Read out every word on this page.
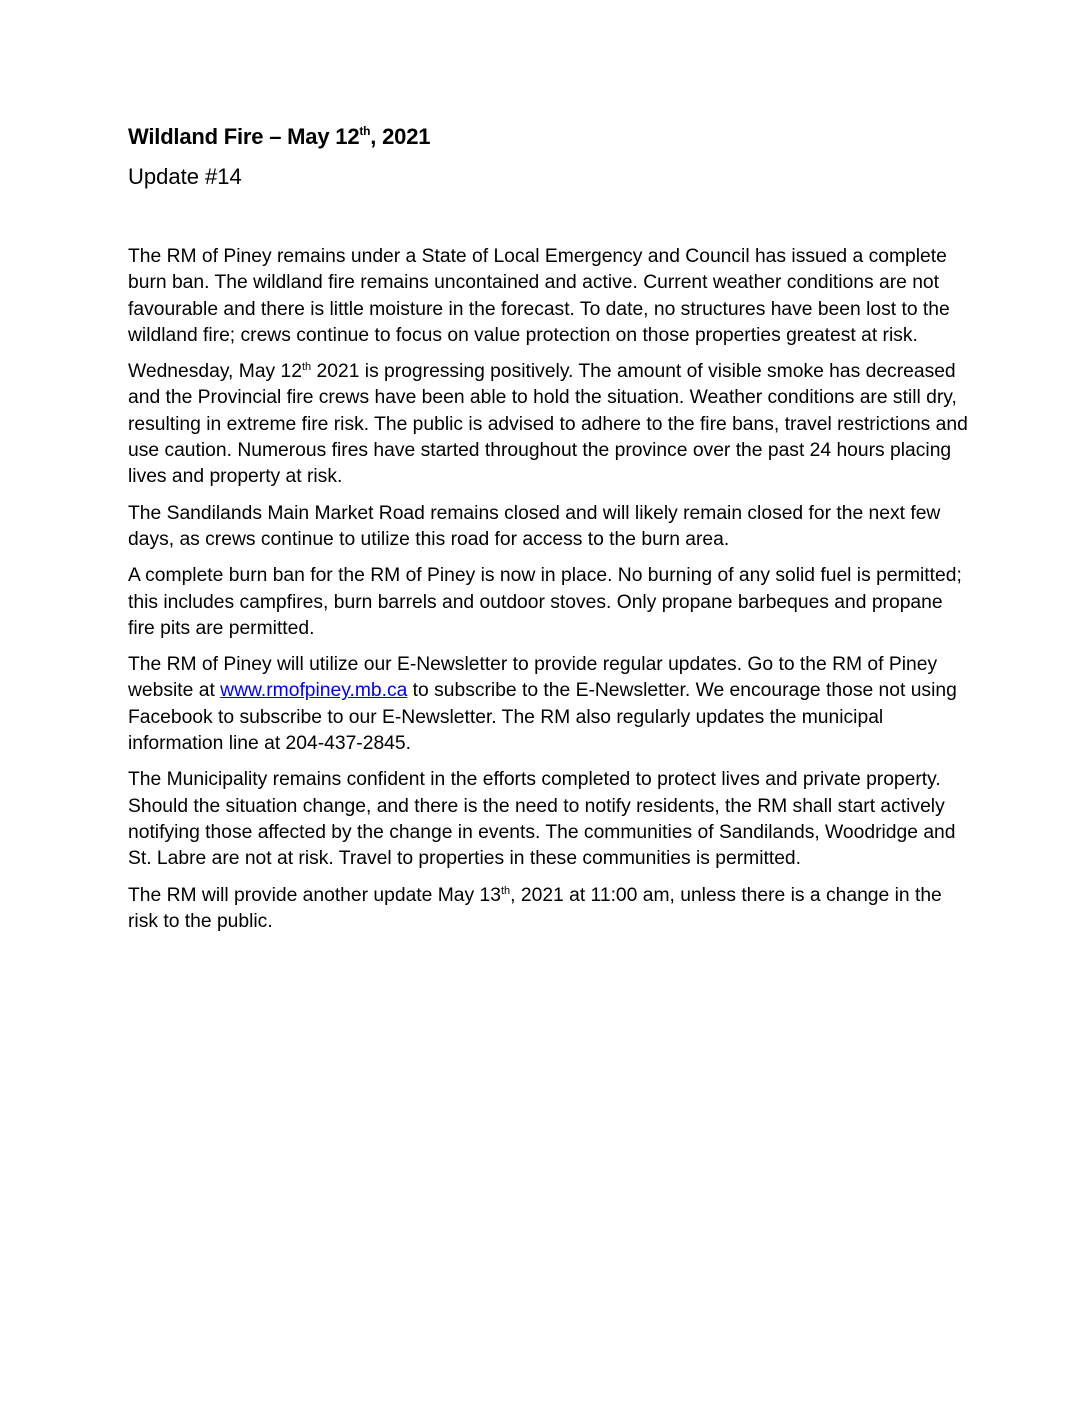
Wildland Fire – May 12th, 2021
Update #14

The RM of Piney remains under a State of Local Emergency and Council has issued a complete burn ban. The wildland fire remains uncontained and active. Current weather conditions are not favourable and there is little moisture in the forecast. To date, no structures have been lost to the wildland fire; crews continue to focus on value protection on those properties greatest at risk.

Wednesday, May 12th 2021 is progressing positively. The amount of visible smoke has decreased and the Provincial fire crews have been able to hold the situation. Weather conditions are still dry, resulting in extreme fire risk. The public is advised to adhere to the fire bans, travel restrictions and use caution. Numerous fires have started throughout the province over the past 24 hours placing lives and property at risk.

The Sandilands Main Market Road remains closed and will likely remain closed for the next few days, as crews continue to utilize this road for access to the burn area.

A complete burn ban for the RM of Piney is now in place. No burning of any solid fuel is permitted; this includes campfires, burn barrels and outdoor stoves. Only propane barbeques and propane fire pits are permitted.

The RM of Piney will utilize our E-Newsletter to provide regular updates. Go to the RM of Piney website at www.rmofpiney.mb.ca to subscribe to the E-Newsletter. We encourage those not using Facebook to subscribe to our E-Newsletter. The RM also regularly updates the municipal information line at 204-437-2845.

The Municipality remains confident in the efforts completed to protect lives and private property. Should the situation change, and there is the need to notify residents, the RM shall start actively notifying those affected by the change in events. The communities of Sandilands, Woodridge and St. Labre are not at risk. Travel to properties in these communities is permitted.

The RM will provide another update May 13th, 2021 at 11:00 am, unless there is a change in the risk to the public.
